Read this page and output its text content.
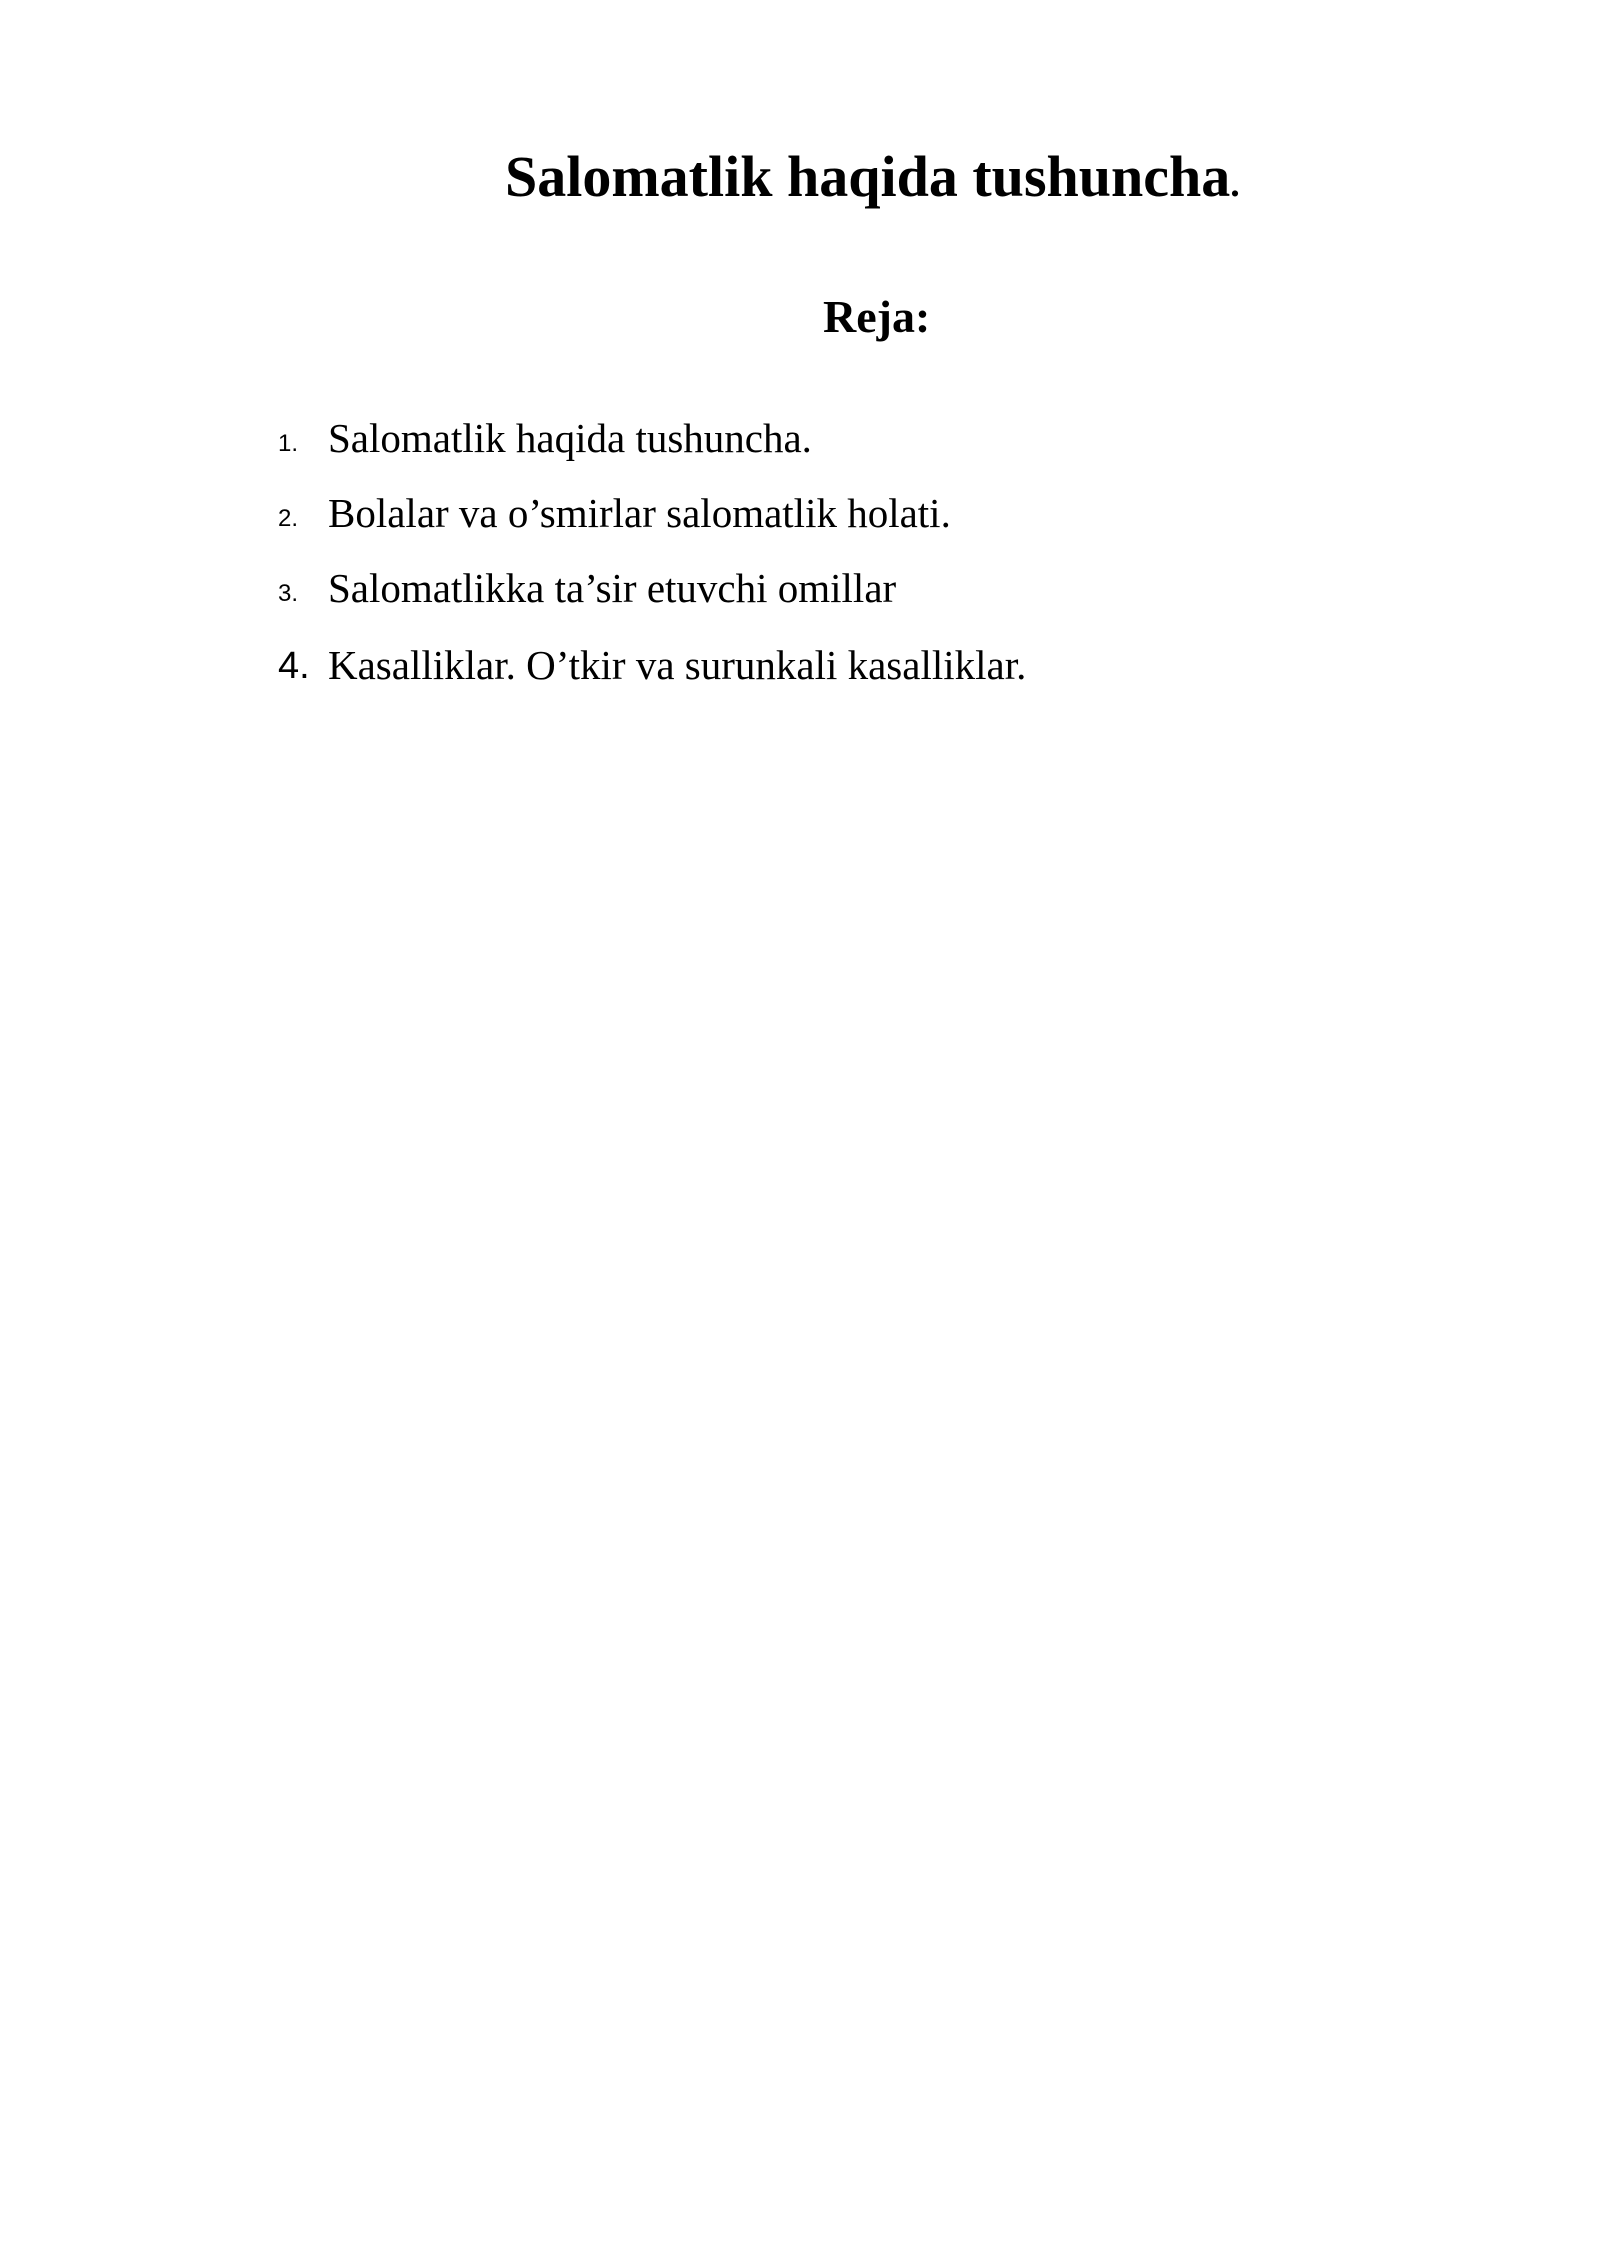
Salomatlik haqida tushuncha.
Reja:
1. Salomatlik haqida tushuncha.
2. Bolalar va o’smirlar salomatlik holati.
3. Salomatlikka ta’sir etuvchi omillar
4. Kasalliklar. O’tkir va surunkali kasalliklar.
